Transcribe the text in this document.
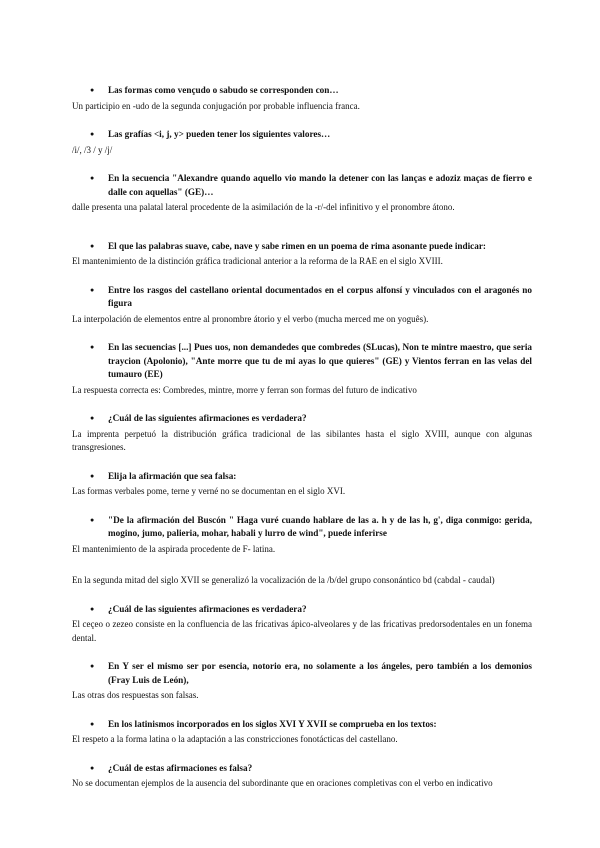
● Las formas como vençudo o sabudo se corresponden con…
Un participio en -udo de la segunda conjugación por probable influencia franca.
● Las grafías <i, j, y> pueden tener los siguientes valores…
/i/, /3 / y /j/
● En la secuencia "Alexandre quando aquello vio mando la detener con las lanças e adoziz maças de fierro e dalle con aquellas" (GE)…
dalle presenta una palatal lateral procedente de la asimilación de la -r/-del infinitivo y el pronombre átono.
● El que las palabras suave, cabe, nave y sabe rimen en un poema de rima asonante puede indicar:
El mantenimiento de la distinción gráfica tradicional anterior a la reforma de la RAE en el siglo XVIII.
● Entre los rasgos del castellano oriental documentados en el corpus alfonsí y vinculados con el aragonés no figura
La interpolación de elementos entre al pronombre átorio y el verbo (mucha merced me on yoguês).
● En las secuencias [...] Pues uos, non demandedes que combredes (SLucas), Non te mintre maestro, que seria traycion (Apolonio), "Ante morre que tu de mi ayas lo que quieres" (GE) y Vientos ferran en las velas del tumauro (EE)
La respuesta correcta es: Combredes, mintre, morre y ferran son formas del futuro de indicativo
● ¿Cuál de las siguientes afirmaciones es verdadera?
La imprenta perpetuó la distribución gráfica tradicional de las sibilantes hasta el siglo XVIII, aunque con algunas transgresiones.
● Elija la afirmación que sea falsa:
Las formas verbales pome, terne y verné no se documentan en el siglo XVI.
● "De la afirmación del Buscón " Haga vuré cuando hablare de las a. h y de las h, g', diga conmigo: gerida, mogino, jumo, palieria, mohar, habali y lurro de wind", puede inferirse
El mantenimiento de la aspirada procedente de F- latina.
En la segunda mitad del siglo XVII se generalizó la vocalización de la /b/del grupo consonántico bd (cabdal - caudal)
● ¿Cuál de las siguientes afirmaciones es verdadera?
El ceçeo o zezeo consiste en la confluencia de las fricativas ápico-alveolares y de las fricativas predorsodentales en un fonema dental.
● En Y ser el mismo ser por esencia, notorio era, no solamente a los ángeles, pero también a los demonios (Fray Luis de León),
Las otras dos respuestas son falsas.
● En los latinismos incorporados en los siglos XVI Y XVII se comprueba en los textos:
El respeto a la forma latina o la adaptación a las constricciones fonotácticas del castellano.
● ¿Cuál de estas afirmaciones es falsa?
No se documentan ejemplos de la ausencia del subordinante que en oraciones completivas con el verbo en indicativo
